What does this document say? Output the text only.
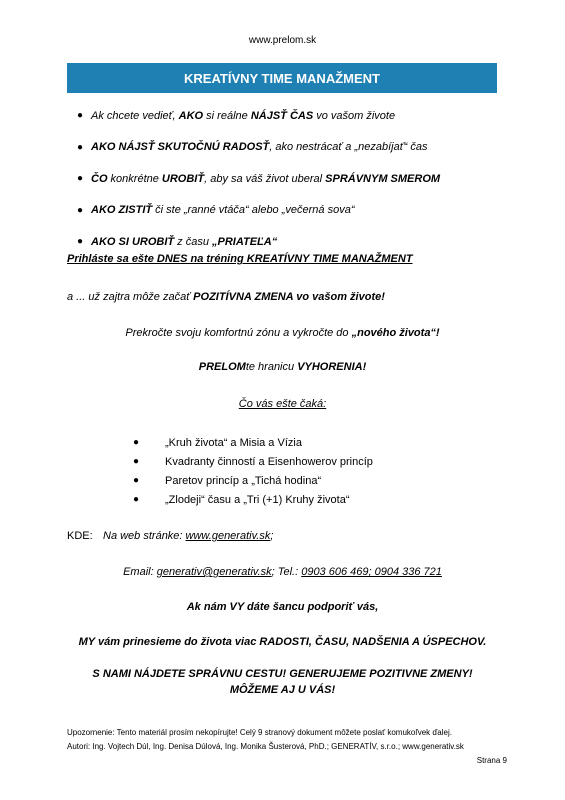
www.prelom.sk
KREATÍVNY TIME MANAŽMENT
● Ak chcete vedieť, AKO si reálne NÁJSŤ ČAS vo vašom živote
● AKO NÁJSŤ SKUTOČNÚ RADOSŤ, ako nestrácať a „nezabíjať“ čas
● ČO konkrétne UROBIŤ, aby sa váš život uberal SPRÁVNYM SMEROM
● AKO ZISTIŤ či ste „ranné vtáča“ alebo „večerná sova“
● AKO SI UROBIŤ z času „PRIATEĽA“
Prihláste sa ešte DNES na tréning KREATÍVNY TIME MANAŽMENT
a ... už zajtra môže začať POZITÍVNA ZMENA vo vašom živote!
Prekročte svoju komfortnú zónu a vykročte do „nového života“!
PRELOMte hranicu VYHORENIA!
Čo vás ešte čaká:
●	„Kruh života“ a Misia a Vízia
●	Kvadranty činností a Eisenhowerov princíp
●	Paretov princíp a „Tichá hodina“
●	„Zlodeji“ času a „Tri (+1) Kruhy života“
KDE: Na web stránke: www.generativ.sk;
Email: generativ@generativ.sk; Tel.: 0903 606 469; 0904 336 721
Ak nám VY dáte šancu podporiť vás,
MY vám prinesieme do života viac RADOSTI, ČASU, NADŠENIA A ÚSPECHOV.
S NAMI NÁJDETE SPRÁVNU CESTU! GENERUJEME POZITIVNE ZMENY!
MÔŽEME AJ U VÁS!
Upozornenie: Tento materiál prosím nekopírujte! Celý 9 stranový dokument môžete poslať komukoľvek ďalej.
Autori: Ing. Vojtech Dúl, Ing. Denisa Dúlová, Ing. Monika Šusterová, PhD.; GENERATÍV, s.r.o.; www.generativ.sk
Strana 9
